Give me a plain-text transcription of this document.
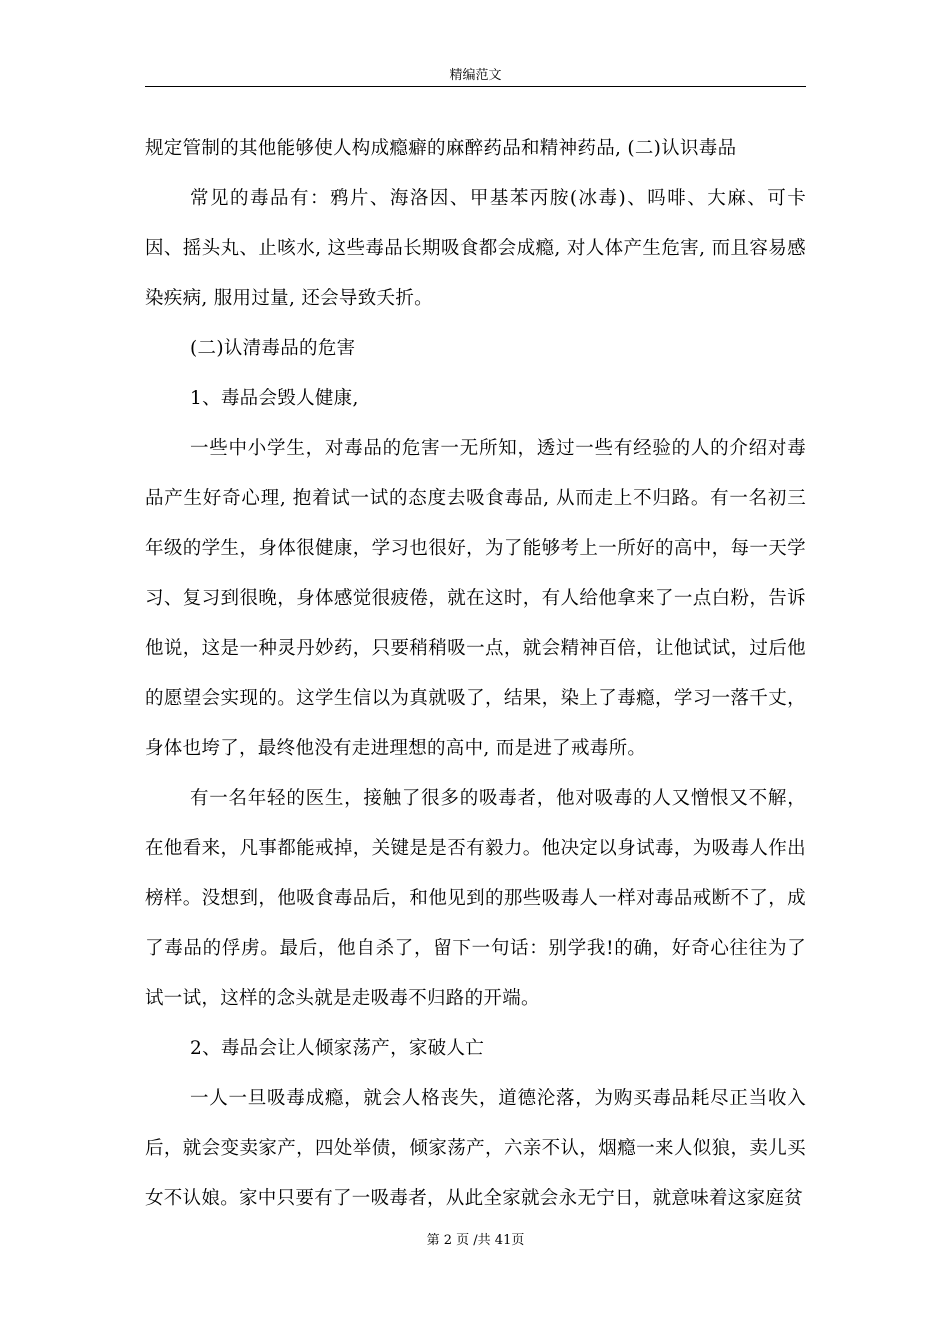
精编范文

规定管制的其他能够使人构成瘾癖的麻醉药品和精神药品, (二)认识毒品

常见的毒品有：鸦片、海洛因、甲基苯丙胺(冰毒)、吗啡、大麻、可卡因、摇头丸、止咳水, 这些毒品长期吸食都会成瘾, 对人体产生危害, 而且容易感染疾病, 服用过量, 还会导致夭折。

(二)认清毒品的危害

1、毒品会毁人健康,

一些中小学生，对毒品的危害一无所知，透过一些有经验的人的介绍对毒品产生好奇心理, 抱着试一试的态度去吸食毒品, 从而走上不归路。有一名初三年级的学生，身体很健康，学习也很好，为了能够考上一所好的高中，每一天学习、复习到很晚，身体感觉很疲倦，就在这时，有人给他拿来了一点白粉，告诉他说，这是一种灵丹妙药，只要稍稍吸一点，就会精神百倍，让他试试，过后他的愿望会实现的。这学生信以为真就吸了，结果，染上了毒瘾，学习一落千丈，身体也垮了，最终他没有走进理想的高中, 而是进了戒毒所。

有一名年轻的医生，接触了很多的吸毒者，他对吸毒的人又憎恨又不解，在他看来，凡事都能戒掉，关键是是否有毅力。他决定以身试毒，为吸毒人作出榜样。没想到，他吸食毒品后，和他见到的那些吸毒人一样对毒品戒断不了，成了毒品的俘虏。最后，他自杀了，留下一句话：别学我!的确，好奇心往往为了试一试，这样的念头就是走吸毒不归路的开端。

2、毒品会让人倾家荡产，家破人亡

一人一旦吸毒成瘾，就会人格丧失，道德沦落，为购买毒品耗尽正当收入后，就会变卖家产，四处举债，倾家荡产，六亲不认，烟瘾一来人似狼，卖儿买女不认娘。家中只要有了一吸毒者，从此全家就会永无宁日，就意味着这家庭贫

第 2 页 /共 41页
